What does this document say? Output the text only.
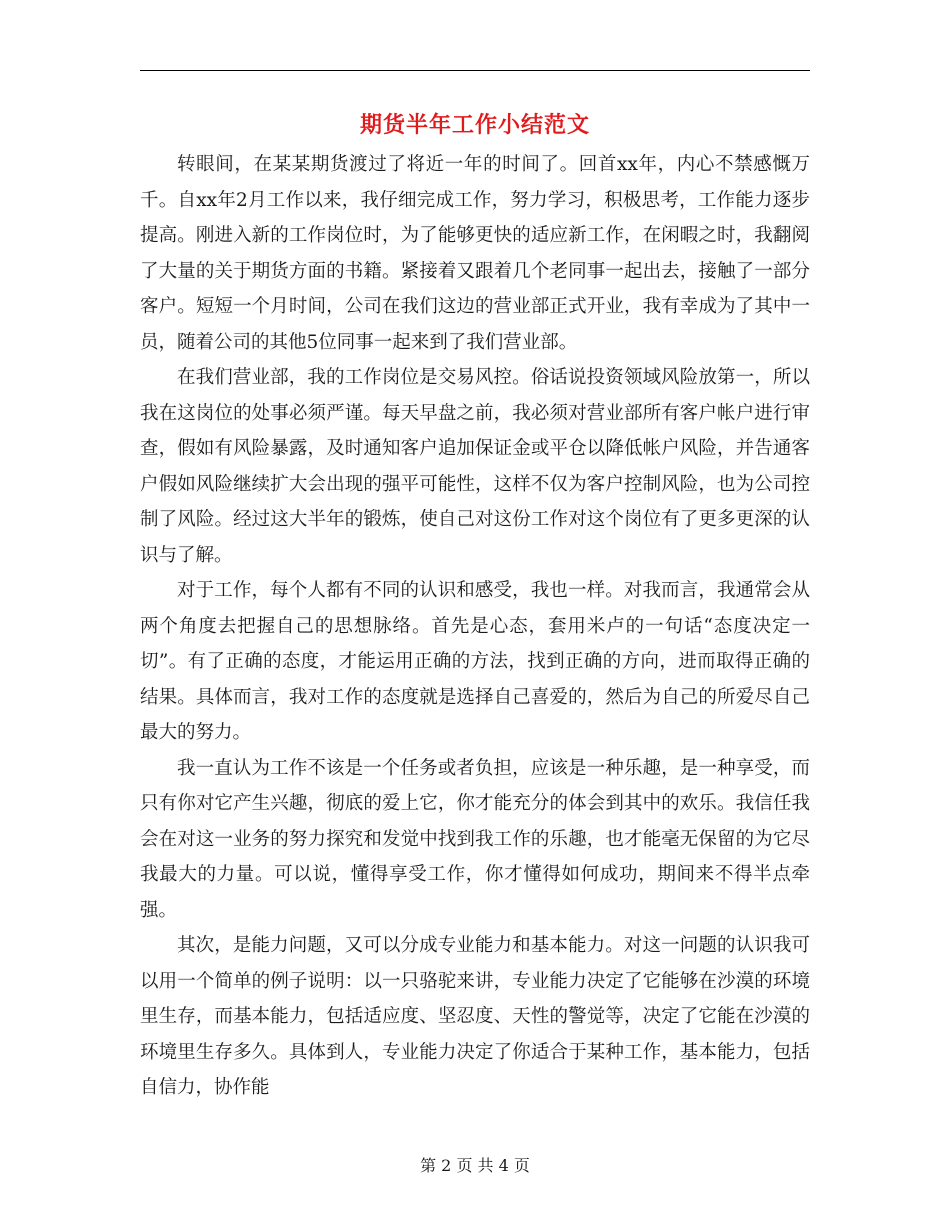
期货半年工作小结范文

转眼间，在某某期货渡过了将近一年的时间了。回首xx年，内心不禁感慨万千。自xx年2月工作以来，我仔细完成工作，努力学习，积极思考，工作能力逐步提高。刚进入新的工作岗位时，为了能够更快的适应新工作，在闲暇之时，我翻阅了大量的关于期货方面的书籍。紧接着又跟着几个老同事一起出去，接触了一部分客户。短短一个月时间，公司在我们这边的营业部正式开业，我有幸成为了其中一员，随着公司的其他5位同事一起来到了我们营业部。

在我们营业部，我的工作岗位是交易风控。俗话说投资领域风险放第一，所以我在这岗位的处事必须严谨。每天早盘之前，我必须对营业部所有客户帐户进行审查，假如有风险暴露，及时通知客户追加保证金或平仓以降低帐户风险，并告通客户假如风险继续扩大会出现的强平可能性，这样不仅为客户控制风险，也为公司控制了风险。经过这大半年的锻炼，使自己对这份工作对这个岗位有了更多更深的认识与了解。

对于工作，每个人都有不同的认识和感受，我也一样。对我而言，我通常会从两个角度去把握自己的思想脉络。首先是心态，套用米卢的一句话“态度决定一切”。有了正确的态度，才能运用正确的方法，找到正确的方向，进而取得正确的结果。具体而言，我对工作的态度就是选择自己喜爱的，然后为自己的所爱尽自己最大的努力。

我一直认为工作不该是一个任务或者负担，应该是一种乐趣，是一种享受，而只有你对它产生兴趣，彻底的爱上它，你才能充分的体会到其中的欢乐。我信任我会在对这一业务的努力探究和发觉中找到我工作的乐趣，也才能毫无保留的为它尽我最大的力量。可以说，懂得享受工作，你才懂得如何成功，期间来不得半点牵强。

其次，是能力问题，又可以分成专业能力和基本能力。对这一问题的认识我可以用一个简单的例子说明：以一只骆驼来讲，专业能力决定了它能够在沙漠的环境里生存，而基本能力，包括适应度、坚忍度、天性的警觉等，决定了它能在沙漠的环境里生存多久。具体到人，专业能力决定了你适合于某种工作，基本能力，包括自信力，协作能

第 2 页 共 4 页
